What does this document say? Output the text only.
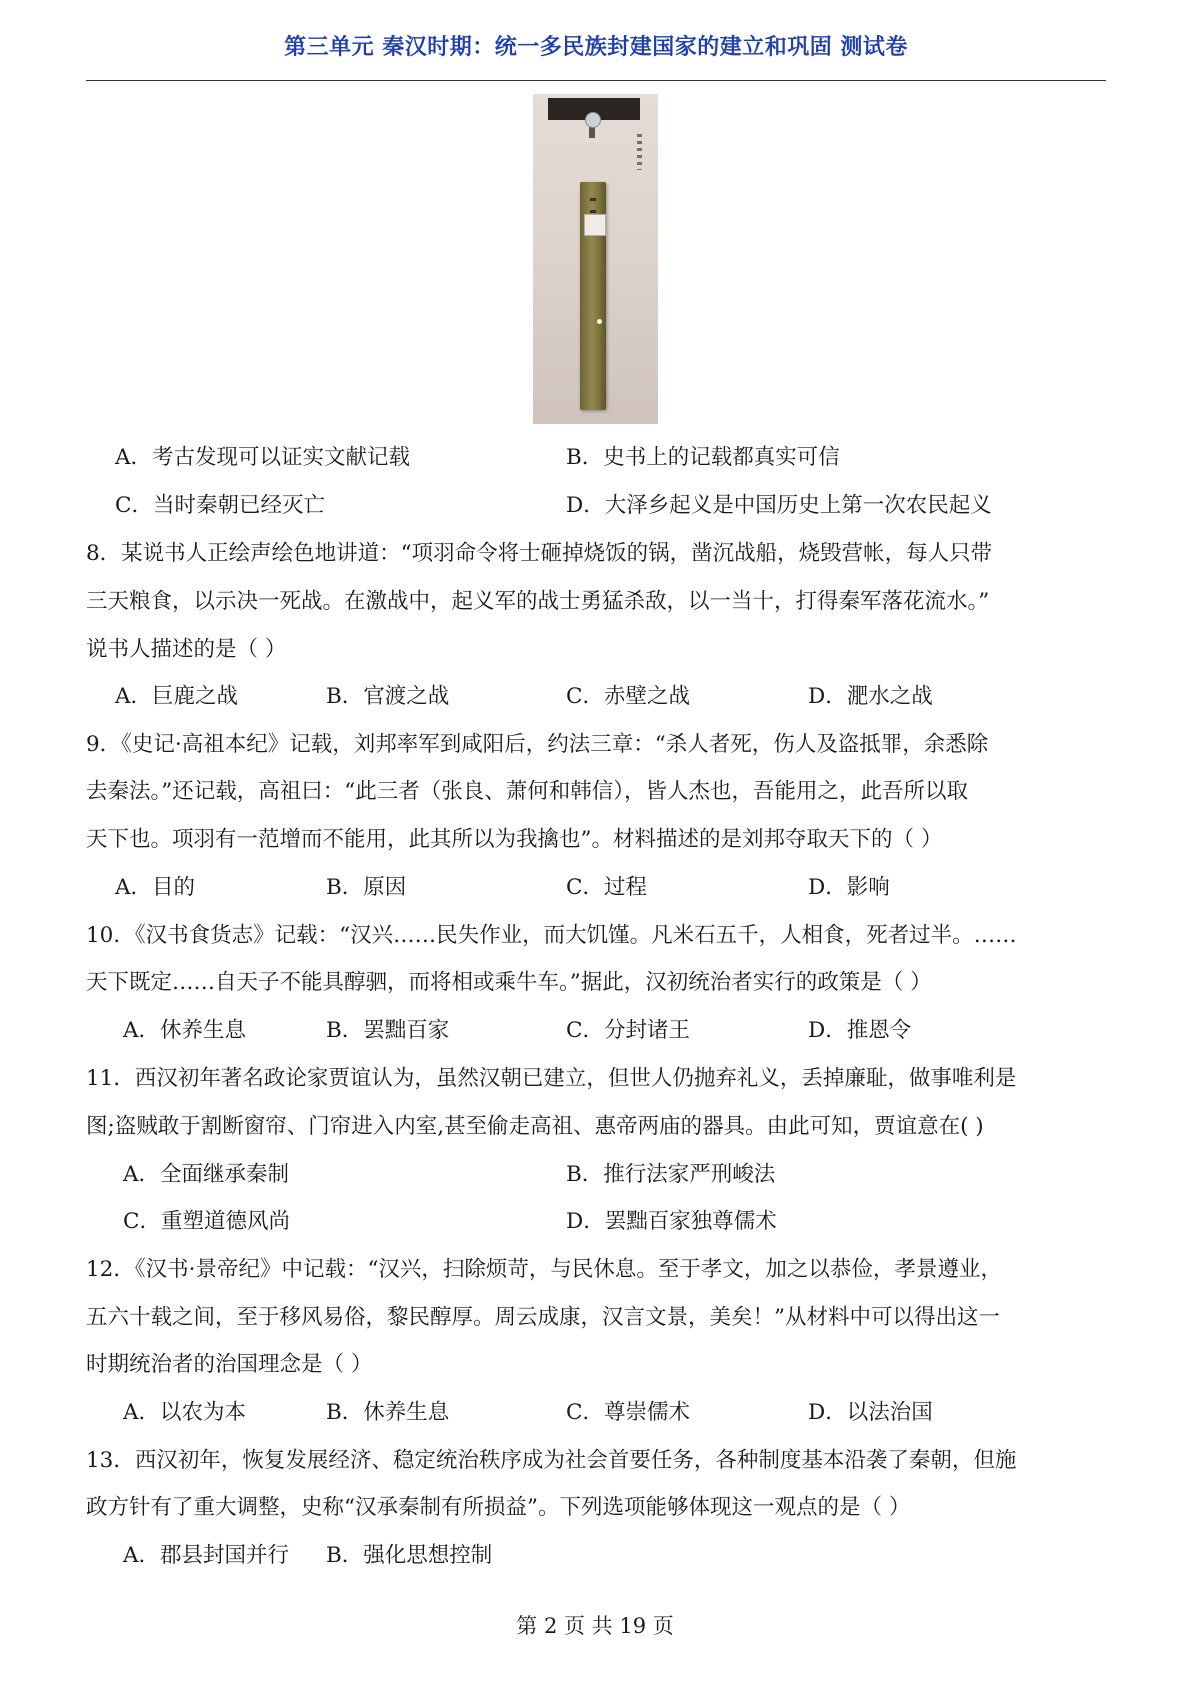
第三单元 秦汉时期：统一多民族封建国家的建立和巩固 测试卷
A．考古发现可以证实文献记载	B．史书上的记载都真实可信
C．当时秦朝已经灭亡	D．大泽乡起义是中国历史上第一次农民起义
8．某说书人正绘声绘色地讲道：“项羽命令将士砸掉烧饭的锅，凿沉战船，烧毁营帐，每人只带
三天粮食，以示决一死战。在激战中，起义军的战士勇猛杀敌，以一当十，打得秦军落花流水。”
说书人描述的是（ ）
A．巨鹿之战	B．官渡之战	C．赤壁之战	D．淝水之战
9．《史记·高祖本纪》记载，刘邦率军到咸阳后，约法三章：“杀人者死，伤人及盗抵罪，余悉除
去秦法。”还记载，高祖曰：“此三者（张良、萧何和韩信），皆人杰也，吾能用之，此吾所以取
天下也。项羽有一范增而不能用，此其所以为我擒也”。材料描述的是刘邦夺取天下的（ ）
A．目的	B．原因	C．过程	D．影响
10．《汉书食货志》记载：“汉兴……民失作业，而大饥馑。凡米石五千，人相食，死者过半。……
天下既定……自天子不能具醇驷，而将相或乘牛车。”据此，汉初统治者实行的政策是（ ）
A．休养生息	B．罢黜百家	C．分封诸王	D．推恩令
11．西汉初年著名政论家贾谊认为，虽然汉朝已建立，但世人仍抛弃礼义，丢掉廉耻，做事唯利是
图;盗贼敢于割断窗帘、门帘进入内室,甚至偷走高祖、惠帝两庙的器具。由此可知，贾谊意在( )
A．全面继承秦制	B．推行法家严刑峻法
C．重塑道德风尚	D．罢黜百家独尊儒术
12．《汉书·景帝纪》中记载：“汉兴，扫除烦苛，与民休息。至于孝文，加之以恭俭，孝景遵业，
五六十载之间，至于移风易俗，黎民醇厚。周云成康，汉言文景，美矣！”从材料中可以得出这一
时期统治者的治国理念是（ ）
A．以农为本	B．休养生息	C．尊崇儒术	D．以法治国
13．西汉初年，恢复发展经济、稳定统治秩序成为社会首要任务，各种制度基本沿袭了秦朝，但施
政方针有了重大调整，史称“汉承秦制有所损益”。下列选项能够体现这一观点的是（ ）
A．郡县封国并行 B．强化思想控制
第 2 页 共 19 页
